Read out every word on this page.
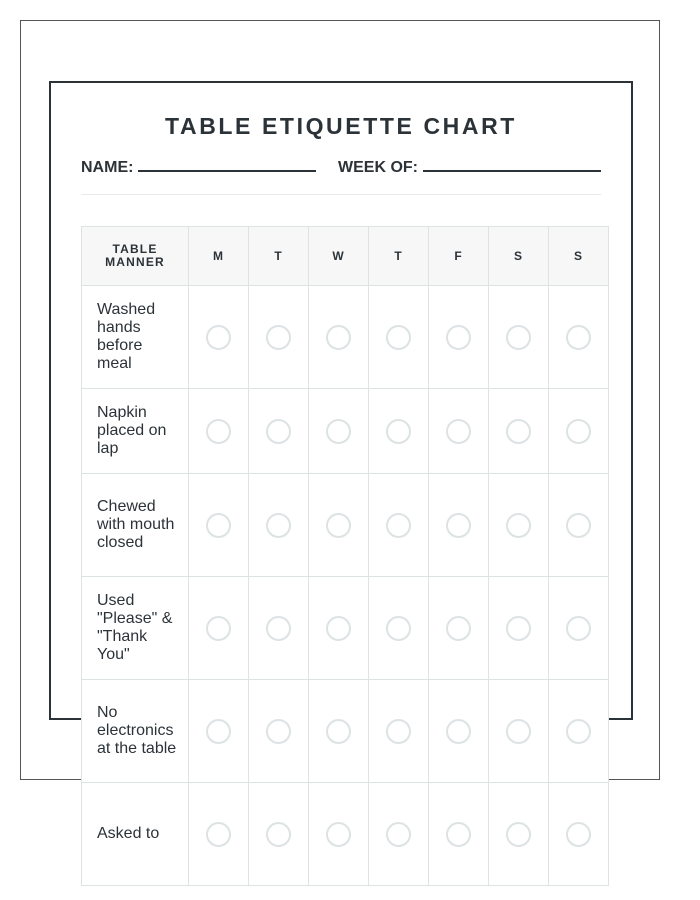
TABLE ETIQUETTE CHART
NAME:	WEEK OF:
TABLE
MANNER	M	T	W	T	F	S	S
Washed hands before meal							
Napkin placed on lap							
Chewed with mouth closed							
Used "Please" & "Thank You"							
No electronics at the table							
Asked to							
